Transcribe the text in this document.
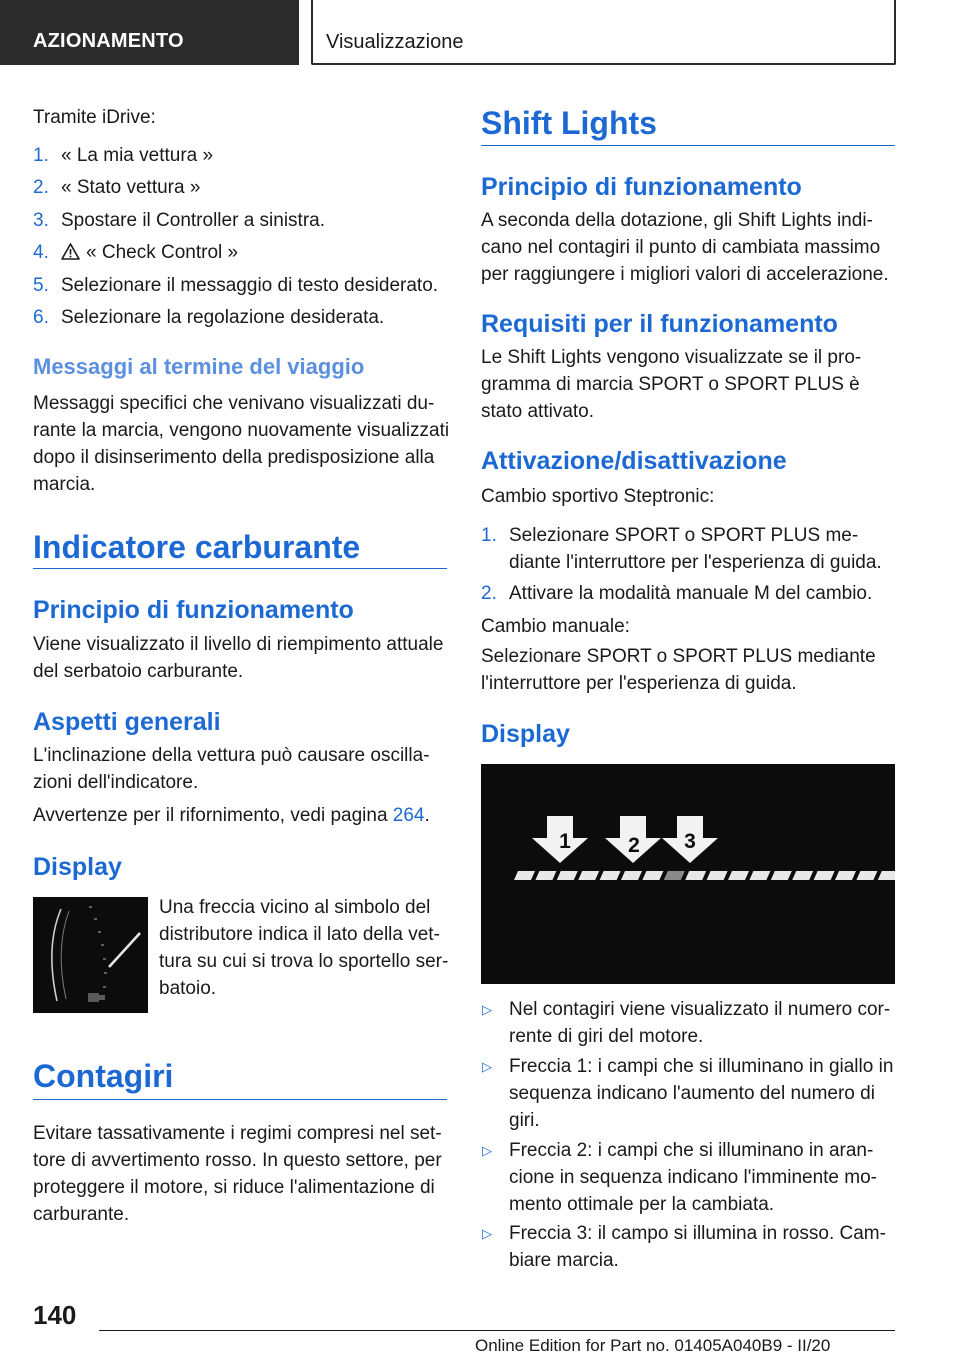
AZIONAMENTO	Visualizzazione
Tramite iDrive:
1. « La mia vettura »
2. « Stato vettura »
3. Spostare il Controller a sinistra.
4.	« Check Control »
5. Selezionare il messaggio di testo desiderato.
6. Selezionare la regolazione desiderata.
Messaggi al termine del viaggio
Messaggi specifici che venivano visualizzati du‐
rante la marcia, vengono nuovamente visualizzati
dopo il disinserimento della predisposizione alla
marcia.
Indicatore carburante
Principio di funzionamento
Viene visualizzato il livello di riempimento attuale
del serbatoio carburante.
Aspetti generali
L'inclinazione della vettura può causare oscilla‐
zioni dell'indicatore.
Avvertenze per il rifornimento, vedi pagina 264.
Display
Una freccia vicino al simbolo del
distributore indica il lato della vet‐
tura su cui si trova lo sportello ser‐
batoio.
Contagiri
Evitare tassativamente i regimi compresi nel set‐
tore di avvertimento rosso. In questo settore, per
proteggere il motore, si riduce l'alimentazione di
carburante.
Shift Lights
Principio di funzionamento
A seconda della dotazione, gli Shift Lights indi‐
cano nel contagiri il punto di cambiata massimo
per raggiungere i migliori valori di accelerazione.
Requisiti per il funzionamento
Le Shift Lights vengono visualizzate se il pro‐
gramma di marcia SPORT o SPORT PLUS è
stato attivato.
Attivazione/disattivazione
Cambio sportivo Steptronic:
1. Selezionare SPORT o SPORT PLUS me‐
diante l'interruttore per l'esperienza di guida.
2. Attivare la modalità manuale M del cambio.
Cambio manuale:
Selezionare SPORT o SPORT PLUS mediante
l'interruttore per l'esperienza di guida.
Display
1	2 3
▷ Nel contagiri viene visualizzato il numero cor‐
rente di giri del motore.
▷ Freccia 1: i campi che si illuminano in giallo in
sequenza indicano l'aumento del numero di
giri.
▷ Freccia 2: i campi che si illuminano in aran‐
cione in sequenza indicano l'imminente mo‐
mento ottimale per la cambiata.
▷ Freccia 3: il campo si illumina in rosso. Cam‐
biare marcia.
140
Online Edition for Part no. 01405A040B9 - II/20
